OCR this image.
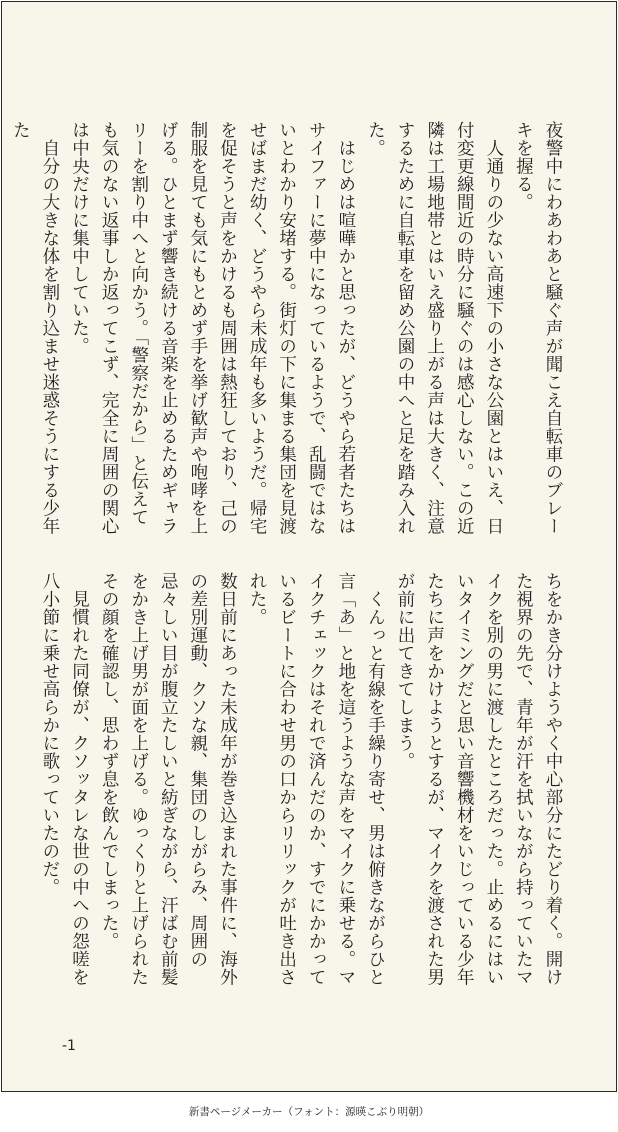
夜警中にわあわあと騒ぐ声が聞こえ自転車のブレーキを握る。

人通りの少ない高速下の小さな公園とはいえ、日付変更線間近の時分に騒ぐのは感心しない。この近隣は工場地帯とはいえ盛り上がる声は大きく、注意するために自転車を留め公園の中へと足を踏み入れた。

はじめは喧嘩かと思ったが、どうやら若者たちはサイファーに夢中になっているようで、乱闘ではないとわかり安堵する。街灯の下に集まる集団を見渡せばまだ幼く、どうやら未成年も多いようだ。帰宅を促そうと声をかけるも周囲は熱狂しており、己の制服を見ても気にもとめず手を挙げ歓声や咆哮を上げる。ひとまず響き続ける音楽を止めるためギャラリーを割り中へと向かう。「警察だから」と伝えても気のない返事しか返ってこず、完全に周囲の関心は中央だけに集中していた。

自分の大きな体を割り込ませ迷惑そうにする少年た

ちをかき分けようやく中心部分にたどり着く。開けた視界の先で、青年が汗を拭いながら持っていたマイクを別の男に渡したところだった。止めるにはいいタイミングだと思い音響機材をいじっている少年たちに声をかけようとするが、マイクを渡された男が前に出てきてしまう。

くんっと有線を手繰り寄せ、男は俯きながらひと言「あ」と地を這うような声をマイクに乗せる。マイクチェックはそれで済んだのか、すでにかかっているビートに合わせ男の口からリリックが吐き出された。

数日前にあった未成年が巻き込まれた事件に、海外の差別運動、クソな親、集団のしがらみ、周囲の忌々しい目が腹立たしいと紡ぎながら、汗ばむ前髪をかき上げ男が面を上げる。ゆっくりと上げられたその顔を確認し、思わず息を飲んでしまった。

見慣れた同僚が、クソッタレな世の中への怨嗟を八小節に乗せ高らかに歌っていたのだ。

-1
新書ページメーカー（フォント：源暎こぶり明朝）
